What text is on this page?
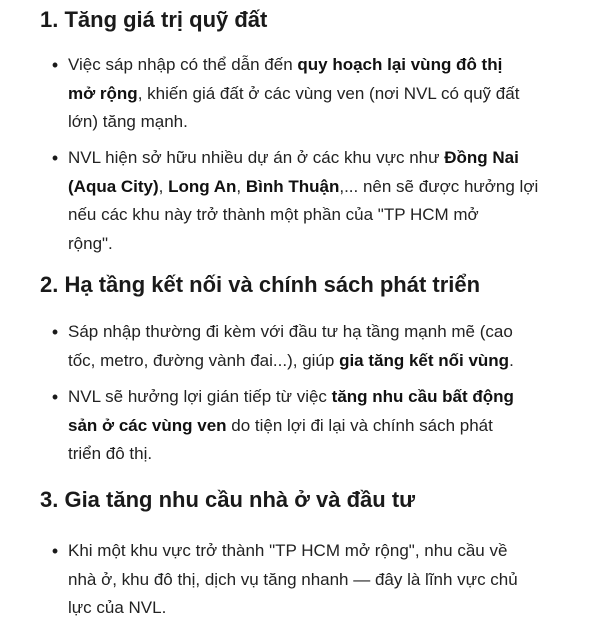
1. Tăng giá trị quỹ đất
• Việc sáp nhập có thể dẫn đến quy hoạch lại vùng đô thị
mở rộng, khiến giá đất ở các vùng ven (nơi NVL có quỹ đất
lớn) tăng mạnh.

• NVL hiện sở hữu nhiều dự án ở các khu vực như Đồng Nai
(Aqua City), Long An, Bình Thuận,... nên sẽ được hưởng lợi
nếu các khu này trở thành một phần của "TP HCM mở
rộng".

2. Hạ tầng kết nối và chính sách phát triển
• Sáp nhập thường đi kèm với đầu tư hạ tầng mạnh mẽ (cao
tốc, metro, đường vành đai...), giúp gia tăng kết nối vùng.

• NVL sẽ hưởng lợi gián tiếp từ việc tăng nhu cầu bất động
sản ở các vùng ven do tiện lợi đi lại và chính sách phát
triển đô thị.

3. Gia tăng nhu cầu nhà ở và đầu tư
• Khi một khu vực trở thành "TP HCM mở rộng", nhu cầu về
nhà ở, khu đô thị, dịch vụ tăng nhanh — đây là lĩnh vực chủ
lực của NVL.
